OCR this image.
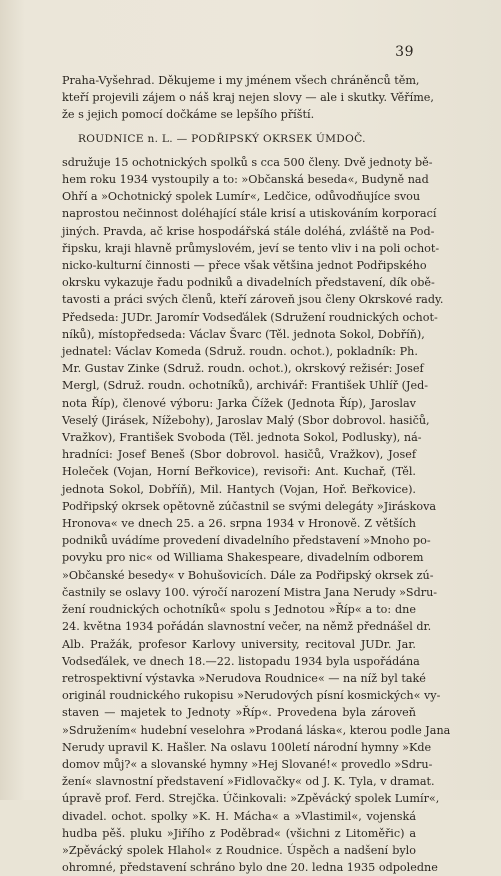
39
Praha-Vyšehrad. Děkujeme i my jménem všech chráněnců těm,
kteří projevili zájem o náš kraj nejen slovy — ale i skutky. Věříme,
že s jejich pomocí dočkáme se lepšího příští.
ROUDNICE n. L. — PODŘIPSKÝ OKRSEK ÚMDOČ.
sdružuje 15 ochotnických spolků s cca 500 členy. Dvě jednoty bě-
hem roku 1934 vystoupily a to: »Občanská beseda«, Budyně nad
Ohří a »Ochotnický spolek Lumír«, Ledčice, odůvodňujíce svou
naprostou nečinnost doléhající stále krisí a utiskováním korporací
jiných. Pravda, ač krise hospodářská stále doléhá, zvláště na Pod-
řipsku, kraji hlavně průmyslovém, jeví se tento vliv i na poli ochot-
nicko-kulturní činnosti — přece však většina jednot Podřipského
okrsku vykazuje řadu podniků a divadelních představení, dík obě-
tavosti a práci svých členů, kteří zároveň jsou členy Okrskové rady.
Předseda: JUDr. Jaromír Vodseďálek (Sdružení roudnických ochot-
níků), místopředseda: Václav Švarc (Těl. jednota Sokol, Dobříň),
jednatel: Václav Komeda (Sdruž. roudn. ochot.), pokladník: Ph.
Mr. Gustav Zinke (Sdruž. roudn. ochot.), okrskový režisér: Josef
Mergl, (Sdruž. roudn. ochotníků), archivář: František Uhlíř (Jed-
nota Říp), členové výboru: Jarka Čížek (Jednota Říp), Jaroslav
Veselý (Jirásek, Nížebohy), Jaroslav Malý (Sbor dobrovol. hasičů,
Vražkov), František Svoboda (Těl. jednota Sokol, Podlusky), ná-
hradníci: Josef Beneš (Sbor dobrovol. hasičů, Vražkov), Josef
Holeček (Vojan, Horní Beřkovice), revisoři: Ant. Kuchař, (Těl.
jednota Sokol, Dobříň), Mil. Hantych (Vojan, Hoř. Beřkovice).
Podřipský okrsek opětovně zúčastnil se svými delegáty »Jiráskova
Hronova« ve dnech 25. a 26. srpna 1934 v Hronově. Z větších
podniků uvádíme provedení divadelního představení »Mnoho po-
povyku pro nic« od Williama Shakespeare, divadelním odborem
»Občanské besedy« v Bohušovicích. Dále za Podřipský okrsek zú-
častnily se oslavy 100. výročí narození Mistra Jana Nerudy »Sdru-
žení roudnických ochotníků« spolu s Jednotou »Říp« a to: dne
24. května 1934 pořádán slavnostní večer, na němž přednášel dr.
Alb. Pražák, profesor Karlovy university, recitoval JUDr. Jar.
Vodseďálek, ve dnech 18.—22. listopadu 1934 byla uspořádána
retrospektivní výstavka »Nerudova Roudnice« — na níž byl také
originál roudnického rukopisu »Nerudových písní kosmických« vy-
staven — majetek to Jednoty »Říp«. Provedena byla zároveň
»Sdružením« hudební veselohra »Prodaná láska«, kterou podle Jana
Nerudy upravil K. Hašler. Na oslavu 100letí národní hymny »Kde
domov můj?« a slovanské hymny »Hej Slované!« provedlo »Sdru-
žení« slavnostní představení »Fidlovačky« od J. K. Tyla, v dramat.
úpravě prof. Ferd. Strejčka. Účinkovali: »Zpěvácký spolek Lumír«,
divadel. ochot. spolky »K. H. Mácha« a »Vlastimil«, vojenská
hudba pěš. pluku »Jiřího z Poděbrad« (všichni z Litoměřic) a
»Zpěvácký spolek Hlahol« z Roudnice. Úspěch a nadšení bylo
ohromné, představení schráno bylo dne 20. ledna 1935 odpoledne
